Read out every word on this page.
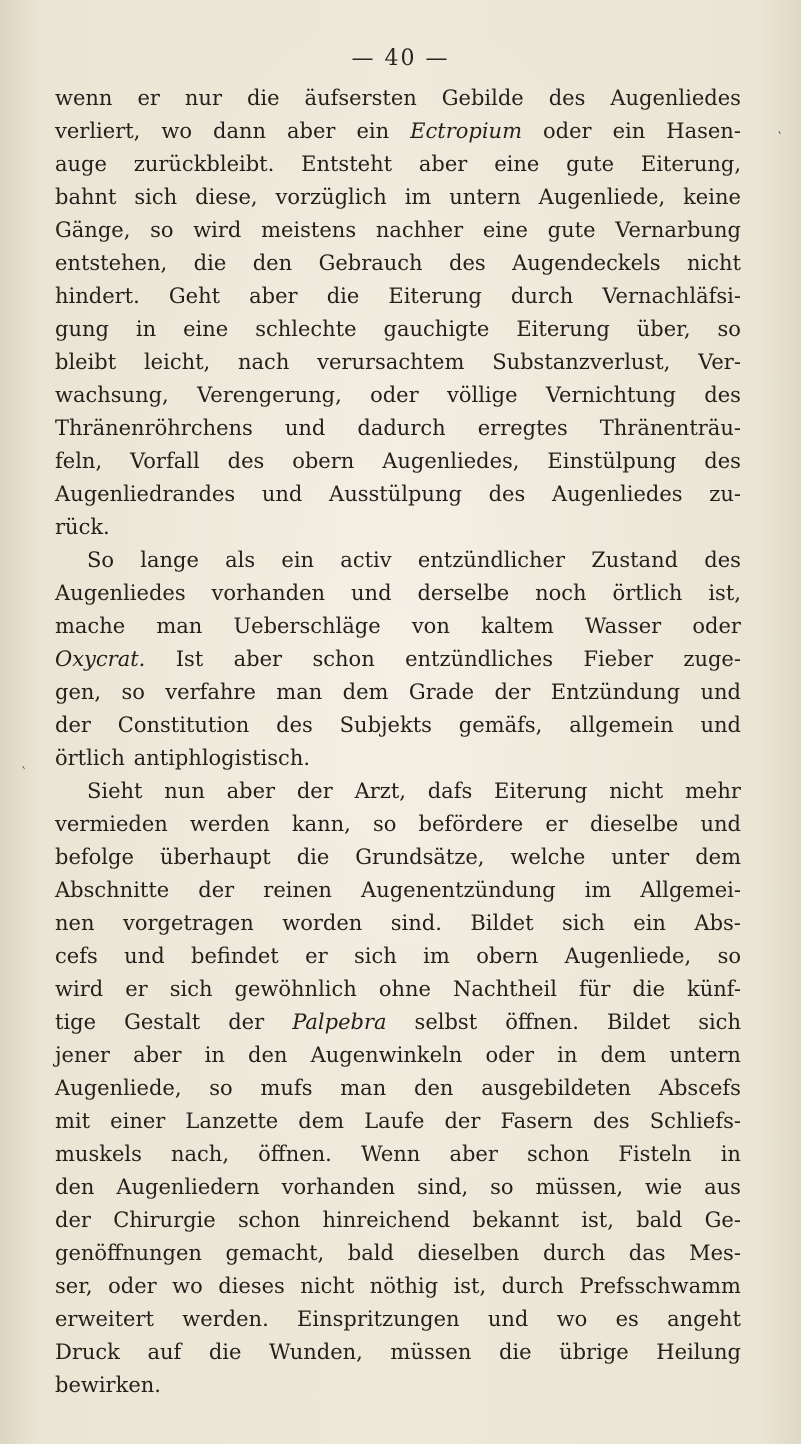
— 40 —
wenn er nur die äufsersten Gebilde des Augenliedes
verliert, wo dann aber ein Ectropium oder ein Hasen-
auge zurückbleibt. Entsteht aber eine gute Eiterung,
bahnt sich diese, vorzüglich im untern Augenliede, keine
Gänge, so wird meistens nachher eine gute Vernarbung
entstehen, die den Gebrauch des Augendeckels nicht
hindert. Geht aber die Eiterung durch Vernachläfsi-
gung in eine schlechte gauchigte Eiterung über, so
bleibt leicht, nach verursachtem Substanzverlust, Ver-
wachsung, Verengerung, oder völlige Vernichtung des
Thränenröhrchens und dadurch erregtes Thränenträu-
feln, Vorfall des obern Augenliedes, Einstülpung des
Augenliedrandes und Ausstülpung des Augenliedes zu-
rück.
So lange als ein activ entzündlicher Zustand des
Augenliedes vorhanden und derselbe noch örtlich ist,
mache man Ueberschläge von kaltem Wasser oder
Oxycrat. Ist aber schon entzündliches Fieber zuge-
gen, so verfahre man dem Grade der Entzündung und
der Constitution des Subjekts gemäfs, allgemein und
örtlich antiphlogistisch.
Sieht nun aber der Arzt, dafs Eiterung nicht mehr
vermieden werden kann, so befördere er dieselbe und
befolge überhaupt die Grundsätze, welche unter dem
Abschnitte der reinen Augenentzündung im Allgemei-
nen vorgetragen worden sind. Bildet sich ein Abs-
cefs und befindet er sich im obern Augenliede, so
wird er sich gewöhnlich ohne Nachtheil für die künf-
tige Gestalt der Palpebra selbst öffnen. Bildet sich
jener aber in den Augenwinkeln oder in dem untern
Augenliede, so mufs man den ausgebildeten Abscefs
mit einer Lanzette dem Laufe der Fasern des Schliefs-
muskels nach, öffnen. Wenn aber schon Fisteln in
den Augenliedern vorhanden sind, so müssen, wie aus
der Chirurgie schon hinreichend bekannt ist, bald Ge-
genöffnungen gemacht, bald dieselben durch das Mes-
ser, oder wo dieses nicht nöthig ist, durch Prefsschwamm
erweitert werden. Einspritzungen und wo es angeht
Druck auf die Wunden, müssen die übrige Heilung
bewirken.
‵
‵
